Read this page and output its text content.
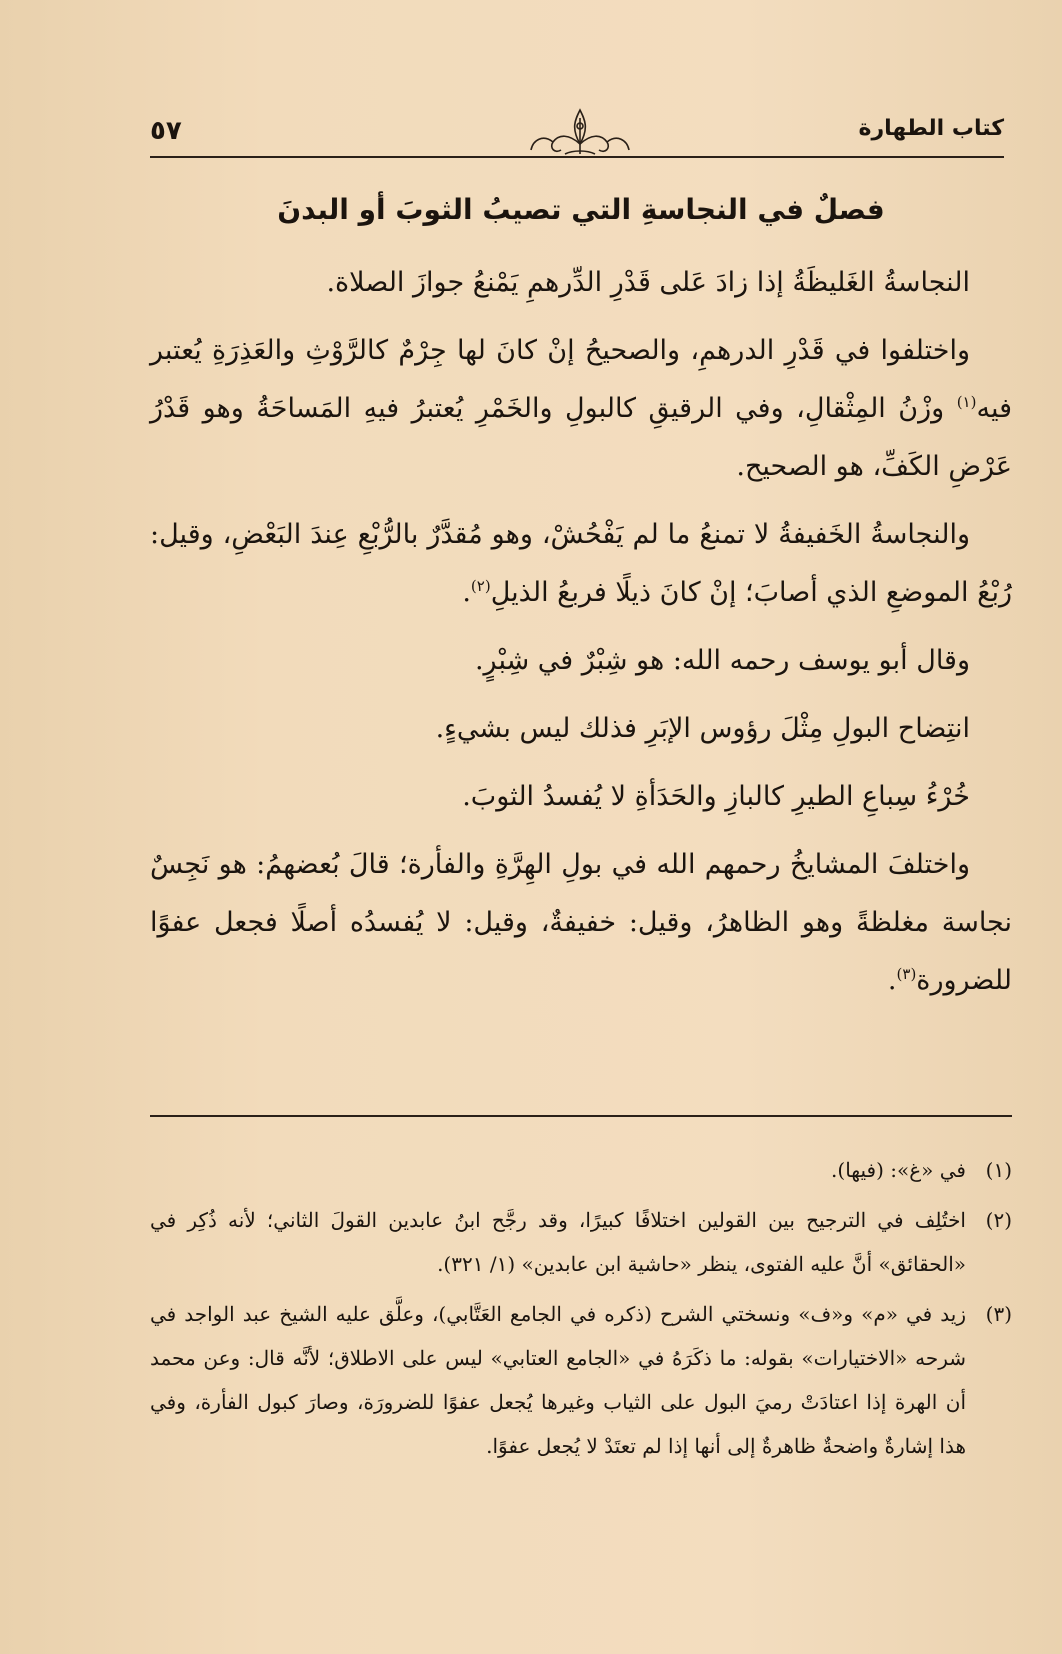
كتاب الطهارة
٥٧
فصلٌ في النجاسةِ التي تصيبُ الثوبَ أو البدنَ

النجاسةُ الغَليظَةُ إذا زادَ عَلى قَدْرِ الدِّرهمِ يَمْنعُ جوازَ الصلاة.

واختلفوا في قَدْرِ الدرهمِ، والصحيحُ إنْ كانَ لها جِرْمٌ كالرَّوْثِ والعَذِرَةِ يُعتبر فيه$^{(١)}$ وزْنُ المِثْقالِ، وفي الرقيقِ كالبولِ والخَمْرِ يُعتبرُ فيهِ المَساحَةُ وهو قَدْرُ عَرْضِ الكَفِّ، هو الصحيح.

والنجاسةُ الخَفيفةُ لا تمنعُ ما لم يَفْحُشْ، وهو مُقدَّرٌ بالرُّبْعِ عِندَ البَعْضِ، وقيل: رُبْعُ الموضعِ الذي أصابَ؛ إنْ كانَ ذيلًا فربعُ الذيلِ$^{(٢)}$.

وقال أبو يوسف رحمه الله: هو شِبْرٌ في شِبْرٍ.

انتِضاح البولِ مِثْلَ رؤوس الإبَرِ فذلك ليس بشيءٍ.

خُرْءُ سِباعِ الطيرِ كالبازِ والحَدَأةِ لا يُفسدُ الثوبَ.

واختلفَ المشايخُ رحمهم الله في بولِ الهِرَّةِ والفأرة؛ قالَ بُعضهمُ: هو نَجِسٌ نجاسة مغلظةً وهو الظاهرُ، وقيل: خفيفةٌ، وقيل: لا يُفسدُه أصلًا فجعل عفوًا للضرورة$^{(٣)}$.

(١)
في «غ»: (فيها).
(٢)
اختُلِف في الترجيح بين القولين اختلافًا كبيرًا، وقد رجَّح ابنُ عابدين القولَ الثاني؛ لأنه ذُكِر في «الحقائق» أنَّ عليه الفتوى، ينظر «حاشية ابن عابدين» (١/ ٣٢١).
(٣)
زيد في «م» و«ف» ونسختي الشرح (ذكره في الجامع العَتَّابي)، وعلَّق عليه الشيخ عبد الواجد في شرحه «الاختيارات» بقوله: ما ذكَرَهُ في «الجامع العتابي» ليس على الاطلاق؛ لأنَّه قال: وعن محمد أن الهرة إذا اعتادَتْ رميَ البول على الثياب وغيرها يُجعل عفوًا للضرورَة، وصارَ كبول الفأرة، وفي هذا إشارةٌ واضحةٌ ظاهرةٌ إلى أنها إذا لم تعتَدْ لا يُجعل عفوًا.
